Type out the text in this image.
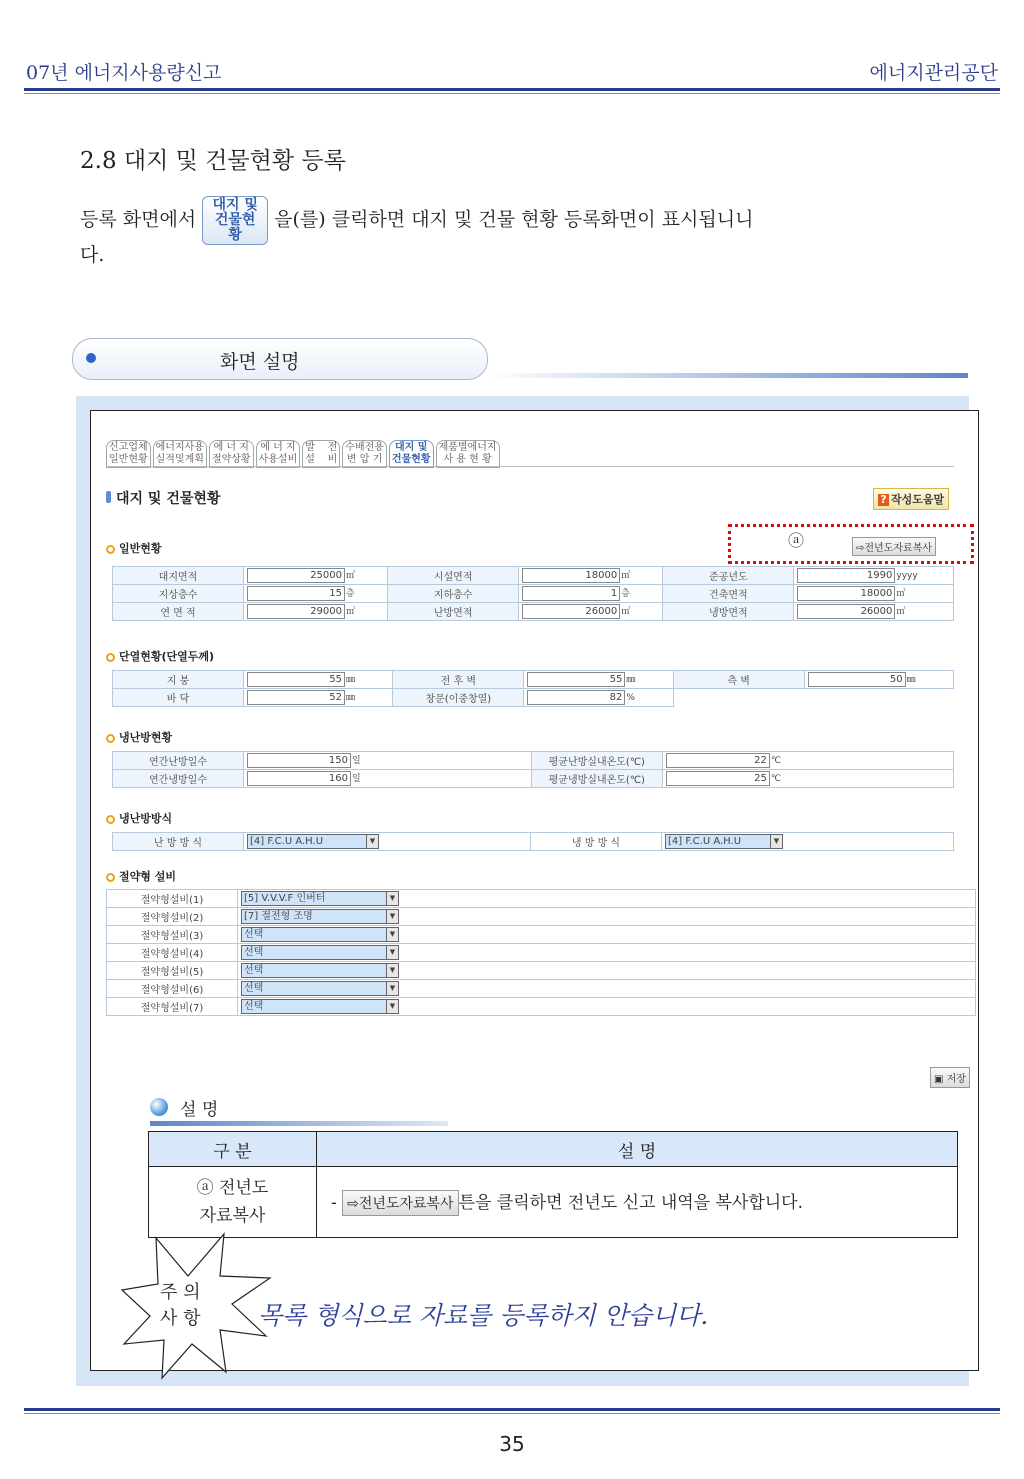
07년 에너지사용량신고	에너지관리공단
2.8 대지 및 건물현황 등록
등록 화면에서대지 및 건물현황을(를) 클릭하면 대지 및 건물 현황 등록화면이 표시됩니니
다.
화면 설명
신고업체
일반현황
에너지사용
실적및계획
에 너 지
절약상황
에 너 지
사용설비
발    전
설    비
수배전용
변 압 기
대지 및
건물현황
제품별에너지
사 용 현 황
대지 및 건물현황	? 작성도움말
일반현황	ⓐ	⇨전년도자료복사
대지면적	25000 ㎡	시설면적	18000 ㎡	준공년도	1990 yyyy
지상층수	15 층	지하층수	1 층	건축면적	18000 ㎡
연 면 적	29000 ㎡	난방면적	26000 ㎡	냉방면적	26000 ㎡
단열현황(단열두께)
지 붕	55 ㎜	전 후 벽	55 ㎜	측 벽	50 ㎜
바 닥	52 ㎜	창문(이중창열)	82 %		
냉난방현황
연간난방일수	150 일	평균난방실내온도(℃)	22 ℃
연간냉방일수	160 일	평균냉방실내온도(℃)	25 ℃
냉난방방식
난 방 방 식	[4] F.C.U A.H.U	▼	냉 방 방 식	[4] F.C.U A.H.U	▼
절약형 설비
절약형설비(1)	[5] V.V.V.F 인버터 ▼

절약형설비(2)	[7] 절전형 조명 ▼

절약형설비(3)	선택 ▼

절약형설비(4)	선택 ▼

절약형설비(5)	선택 ▼

절약형설비(6)	선택 ▼

절약형설비(7)	선택 ▼
▣ 저장
설 명
구 분	설 명
ⓐ 전년도
자료복사	- ⇨전년도자료복사 튼을 클릭하면 전년도 신고 내역을 복사합니다.
주 의
사 항 목록 형식으로 자료를 등록하지 안습니다.
35
